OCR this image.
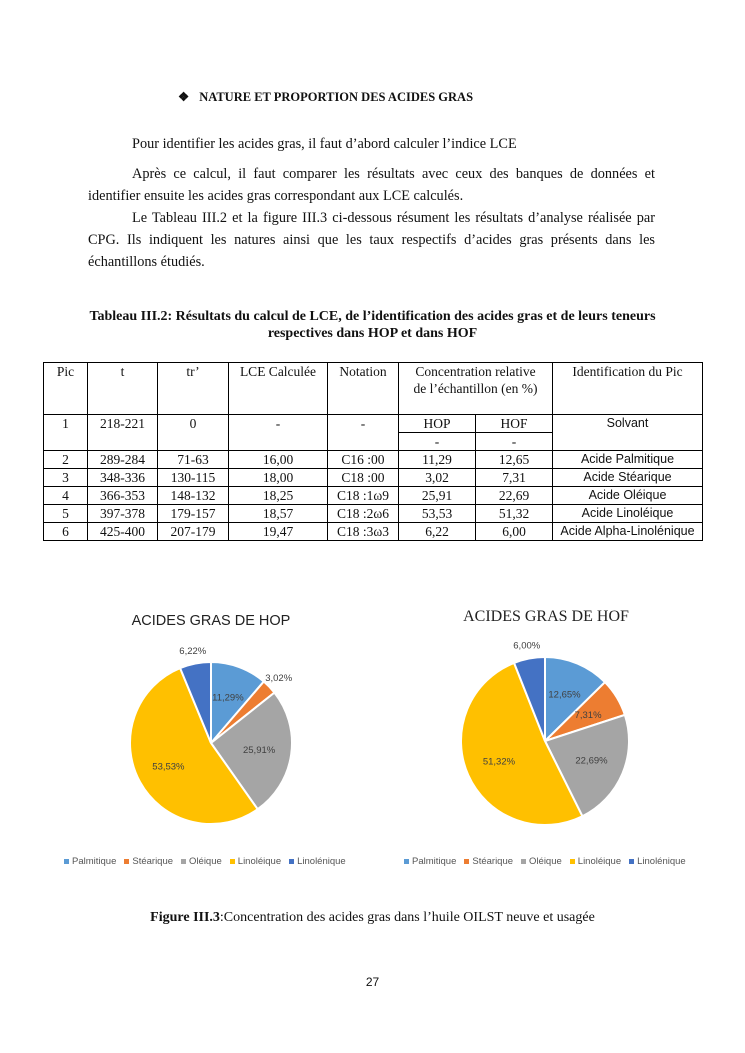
❖ NATURE ET PROPORTION DES ACIDES GRAS
Pour identifier les acides gras, il faut d’abord calculer l’indice LCE
Après ce calcul, il faut comparer les résultats avec ceux des banques de données et identifier ensuite les acides gras correspondant aux LCE calculés.
Le Tableau III.2 et la figure III.3 ci-dessous résument les résultats d’analyse réalisée par CPG. Ils indiquent les natures ainsi que les taux respectifs d’acides gras présents dans les échantillons étudiés.
Tableau III.2: Résultats du calcul de LCE, de l’identification des acides gras et de leurs teneurs respectives dans HOP et dans HOF
Pic	t	tr’	LCE Calculée	Notation	Concentration relative de l’échantillon (en %)		Identification du Pic
1	218-221	0	-	-	HOP	HOF	Solvant
					-	-	
2	289-284	71-63	16,00	C16 :00	11,29	12,65	Acide Palmitique
3	348-336	130-115	18,00	C18 :00	3,02	7,31	Acide Stéarique
4	366-353	148-132	18,25	C18 :1ω9	25,91	22,69	Acide Oléique
5	397-378	179-157	18,57	C18 :2ω6	53,53	51,32	Acide Linoléique
6	425-400	207-179	19,47	C18 :3ω3	6,22	6,00	Acide Alpha-Linolénique
ACIDES GRAS DE HOP	ACIDES GRAS DE HOF
11,29%
3,02%
25,91%
53,53%
6,22%
12,65%
7,31%
22,69%
51,32%
6,00%
Palmitique Stéarique Oléique Linoléique Linolénique	Palmitique Stéarique Oléique Linoléique Linolénique
Figure III.3:Concentration des acides gras dans l’huile OILST neuve et usagée
27
